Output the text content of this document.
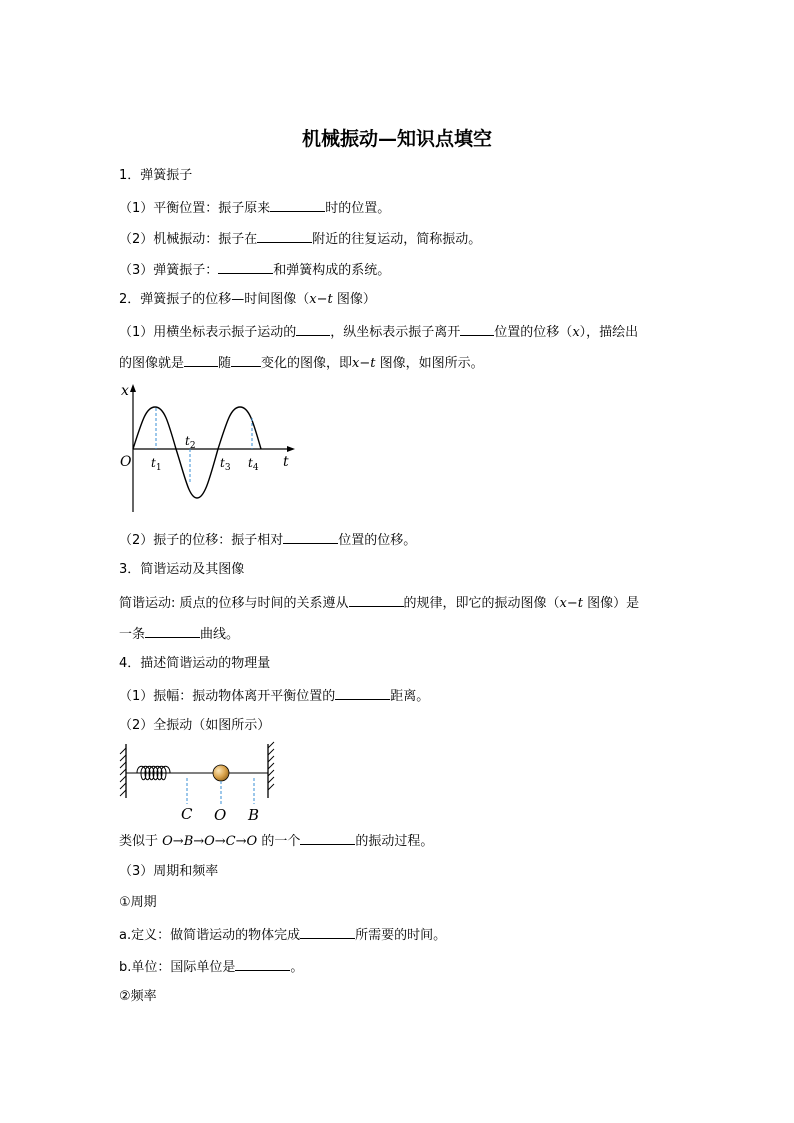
机械振动—知识点填空
1．弹簧振子
（1）平衡位置：振子原来	时的位置。
（2）机械振动：振子在	附近的往复运动，简称振动。
（3）弹簧振子：	和弹簧构成的系统。
2．弹簧振子的位移—时间图像（x−t 图像）
（1）用横坐标表示振子运动的	，纵坐标表示振子离开	位置的位移（x），描绘出
的图像就是	随 变化的图像，即x−t 图像，如图所示。
x
t
O $t_1$
$t_2$
$t_3$ $t_4$
（2）振子的位移：振子相对	位置的位移。
3．简谐运动及其图像
简谐运动: 质点的位移与时间的关系遵从	的规律，即它的振动图像（x−t 图像）是
一条	曲线。
4．描述简谐运动的物理量
（1）振幅：振动物体离开平衡位置的	距离。
（2）全振动（如图所示）
C O B
类似于 O→B→O→C→O 的一个	的振动过程。
（3）周期和频率
①周期
a.定义：做简谐运动的物体完成	所需要的时间。
b.单位：国际单位是	。
②频率
